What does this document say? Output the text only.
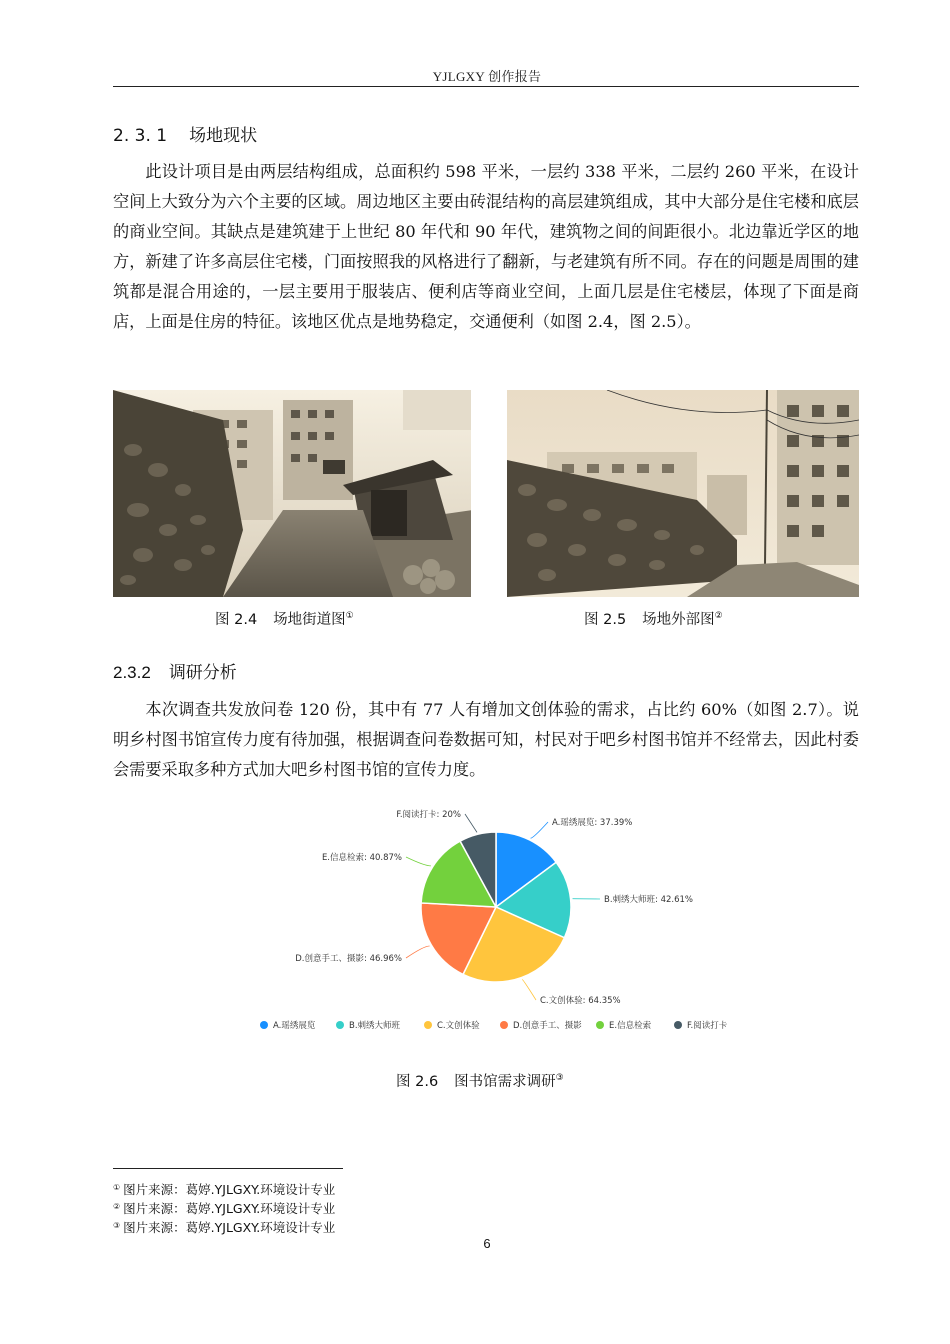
YJLGXY 创作报告
2. 3. 1 场地现状
此设计项目是由两层结构组成，总面积约 598 平米，一层约 338 平米，二层约 260 平米，在设计空间上大致分为六个主要的区域。周边地区主要由砖混结构的高层建筑组成，其中大部分是住宅楼和底层的商业空间。其缺点是建筑建于上世纪 80 年代和 90 年代，建筑物之间的间距很小。北边靠近学区的地方，新建了许多高层住宅楼，门面按照我的风格进行了翻新，与老建筑有所不同。存在的问题是周围的建筑都是混合用途的，一层主要用于服装店、便利店等商业空间，上面几层是住宅楼层，体现了下面是商店，上面是住房的特征。该地区优点是地势稳定，交通便利（如图 2.4，图 2.5）。
图 2.4 场地街道图①	图 2.5 场地外部图②
2.3.2 调研分析
本次调查共发放问卷 120 份，其中有 77 人有增加文创体验的需求，占比约 60%（如图 2.7）。说明乡村图书馆宣传力度有待加强，根据调查问卷数据可知，村民对于吧乡村图书馆并不经常去，因此村委会需要采取多种方式加大吧乡村图书馆的宣传力度。
A.瑶绣展览: 37.39%
B.刺绣大师班: 42.61%
C.文创体验: 64.35%
D.创意手工、摄影: 46.96%
E.信息检索: 40.87%
F.阅读打卡: 20%
A.瑶绣展览	B.刺绣大师班	C.文创体验	D.创意手工、摄影	E.信息检索	F.阅读打卡
图 2.6 图书馆需求调研③
① 图片来源：葛婷.YJLGXY.环境设计专业
② 图片来源：葛婷.YJLGXY.环境设计专业
③ 图片来源：葛婷.YJLGXY.环境设计专业
6
